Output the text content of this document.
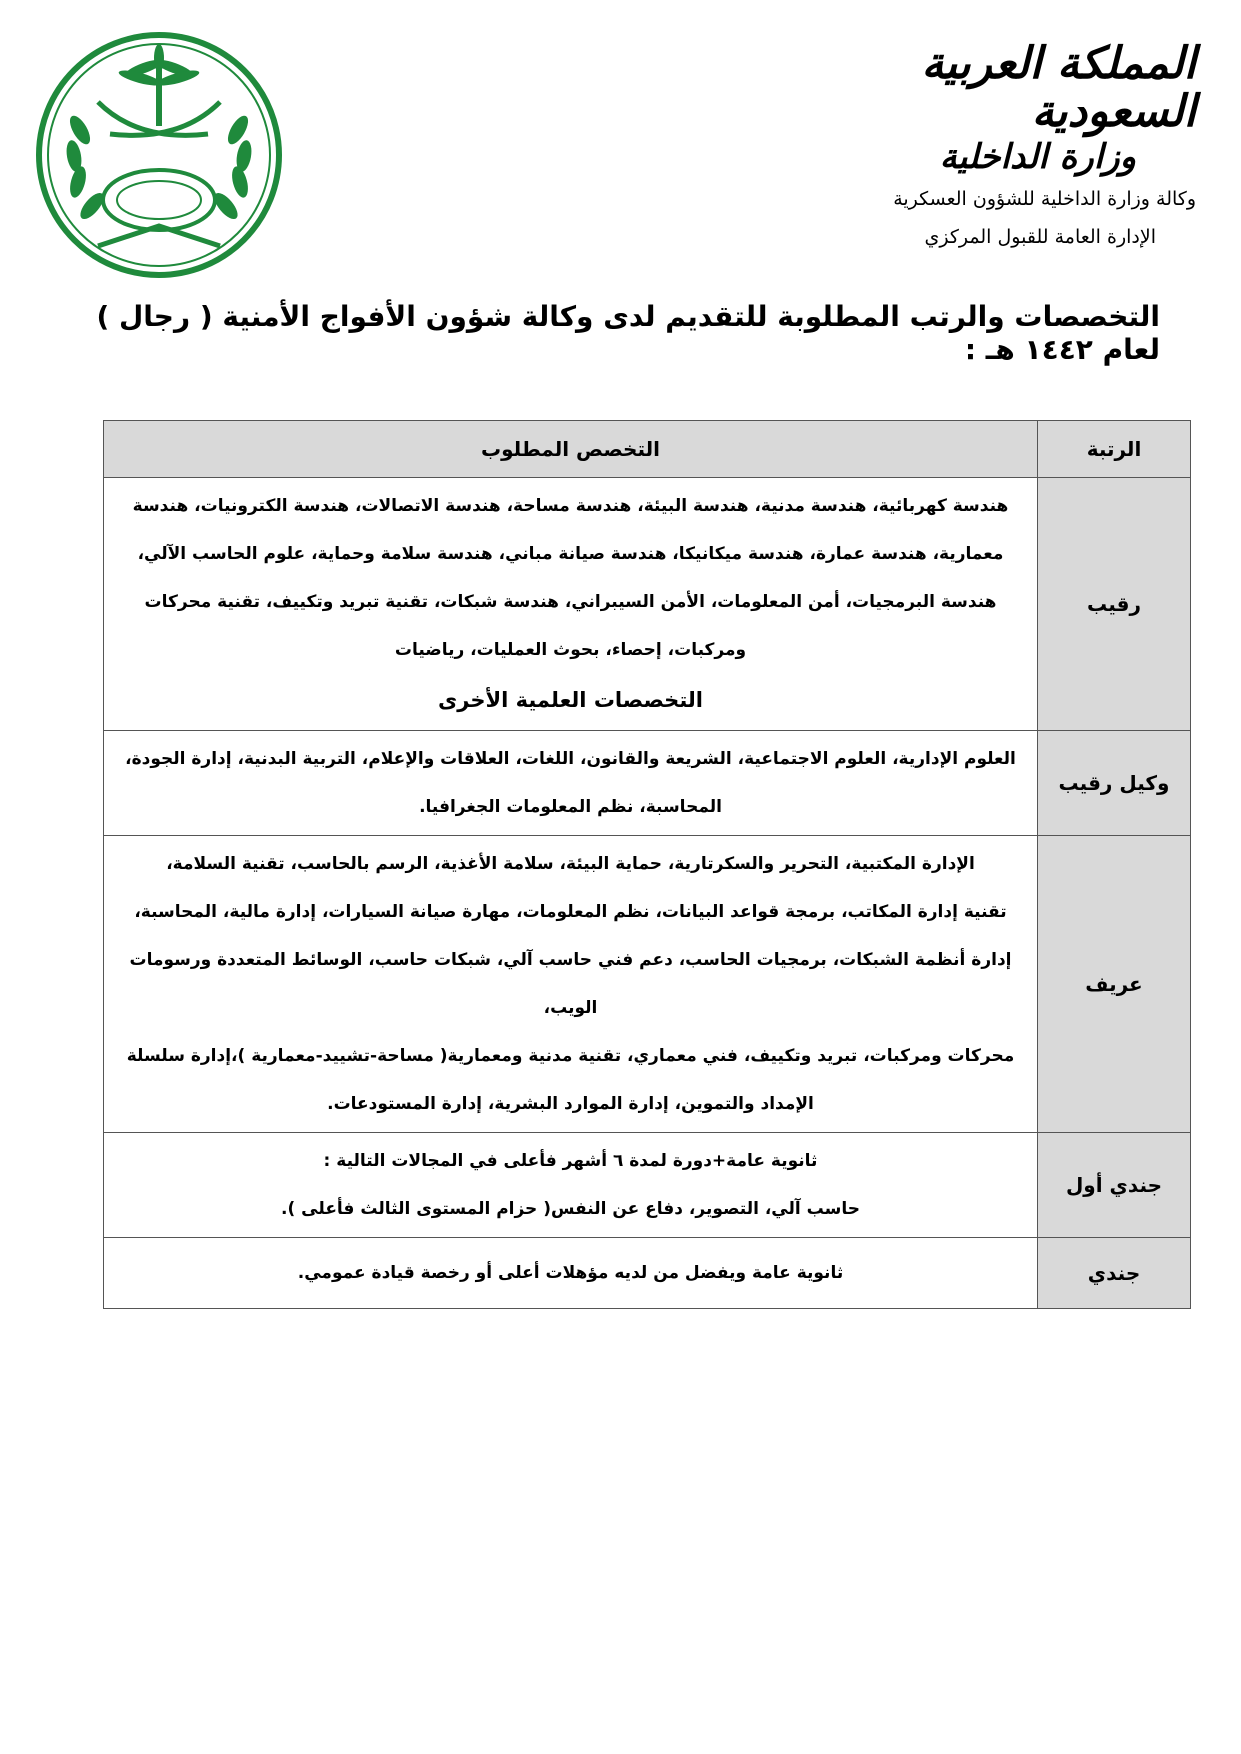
المملكة العربية السعودية
وزارة الداخلية
وكالة وزارة الداخلية للشؤون العسكرية
الإدارة العامة للقبول المركزي
التخصصات والرتب المطلوبة للتقديم لدى وكالة شؤون الأفواج الأمنية ( رجال ) لعام ١٤٤٢ هـ :
الرتبة	التخصص المطلوب
رقيب	هندسة كهربائية، هندسة مدنية، هندسة البيئة، هندسة مساحة، هندسة الاتصالات، هندسة الكترونيات، هندسة
معمارية، هندسة عمارة، هندسة ميكانيكا، هندسة صيانة مباني، هندسة سلامة وحماية، علوم الحاسب الآلي،
هندسة البرمجيات، أمن المعلومات، الأمن السيبراني، هندسة شبكات، تقنية تبريد وتكييف، تقنية محركات
ومركبات، إحصاء، بحوث العمليات، رياضيات
التخصصات العلمية الأخرى

وكيل رقيب	العلوم الإدارية، العلوم الاجتماعية، الشريعة والقانون، اللغات، العلاقات والإعلام، التربية البدنية، إدارة الجودة،
المحاسبة، نظم المعلومات الجغرافيا.

عريف	الإدارة المكتبية، التحرير والسكرتارية، حماية البيئة، سلامة الأغذية، الرسم بالحاسب، تقنية السلامة،
تقنية إدارة المكاتب، برمجة قواعد البيانات، نظم المعلومات، مهارة صيانة السيارات، إدارة مالية، المحاسبة،
إدارة أنظمة الشبكات، برمجيات الحاسب، دعم فني حاسب آلي، شبكات حاسب، الوسائط المتعددة ورسومات الويب،
محركات ومركبات، تبريد وتكييف، فني معماري، تقنية مدنية ومعمارية( مساحة-تشييد-معمارية )،إدارة سلسلة
الإمداد والتموين، إدارة الموارد البشرية، إدارة المستودعات.

جندي أول	ثانوية عامة+دورة لمدة ٦ أشهر فأعلى في المجالات التالية :
حاسب آلي، التصوير، دفاع عن النفس( حزام المستوى الثالث فأعلى ).

جندي	ثانوية عامة ويفضل من لديه مؤهلات أعلى أو رخصة قيادة عمومي.
